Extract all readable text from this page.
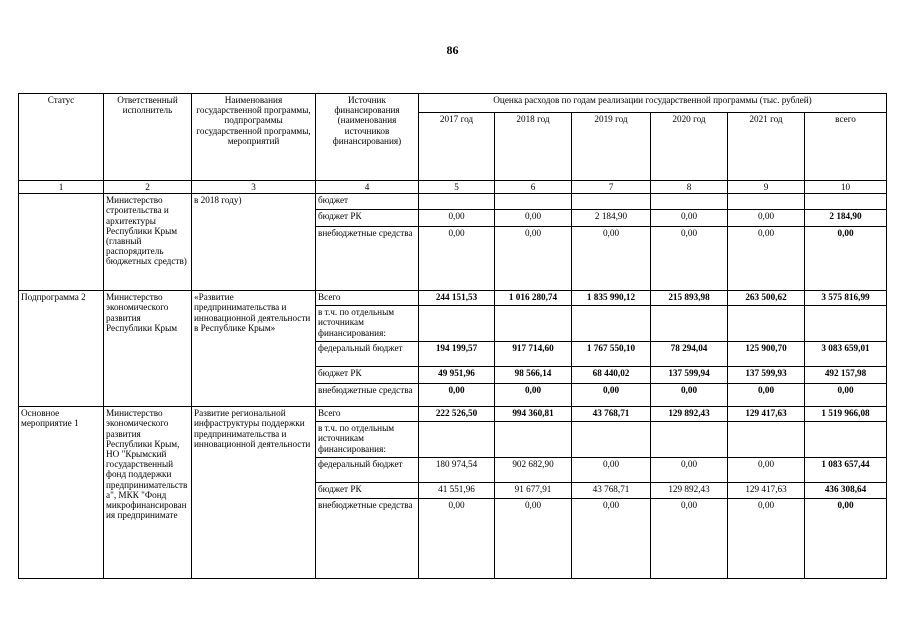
86
Статус	Ответственный исполнитель	Наименования государственной программы, подпрограммы государственной программы, мероприятий	Источник финансирования (наименования источников финансирования)	Оценка расходов по годам реализации государственной программы (тыс. рублей)					
				2017 год	2018 год	2019 год	2020 год	2021 год	всего
1	2	3	4	5	6	7	8	9	10
	Министерство строительства и архитектуры Республики Крым (главный распорядитель бюджетных средств)	в 2018 году)	бюджет						
			бюджет РК	0,00	0,00	2 184,90	0,00	0,00	2 184,90
			внебюджетные средства	0,00	0,00	0,00	0,00	0,00	0,00
Подпрограмма 2	Министерство экономического развития Республики Крым	«Развитие предпринимательства и инновационной деятельности в Республике Крым»	Всего	244 151,53	1 016 280,74	1 835 990,12	215 893,98	263 500,62	3 575 816,99
			в т.ч. по отдельным источникам финансирования:						
			федеральный бюджет	194 199,57	917 714,60	1 767 550,10	78 294,04	125 900,70	3 083 659,01
			бюджет РК	49 951,96	98 566,14	68 440,02	137 599,94	137 599,93	492 157,98
			внебюджетные средства	0,00	0,00	0,00	0,00	0,00	0,00
Основное мероприятие 1	Министерство экономического развития Республики Крым, НО "Крымский государственный фонд поддержки предпринимательства", МКК "Фонд микрофинансирования предпринимате	Развитие региональной инфраструктуры поддержки предпринимательства и инновационной деятельности	Всего	222 526,50	994 360,81	43 768,71	129 892,43	129 417,63	1 519 966,08
			в т.ч. по отдельным источникам финансирования:						
			федеральный бюджет	180 974,54	902 682,90	0,00	0,00	0,00	1 083 657,44
			бюджет РК	41 551,96	91 677,91	43 768,71	129 892,43	129 417,63	436 308,64
			внебюджетные средства	0,00	0,00	0,00	0,00	0,00	0,00
